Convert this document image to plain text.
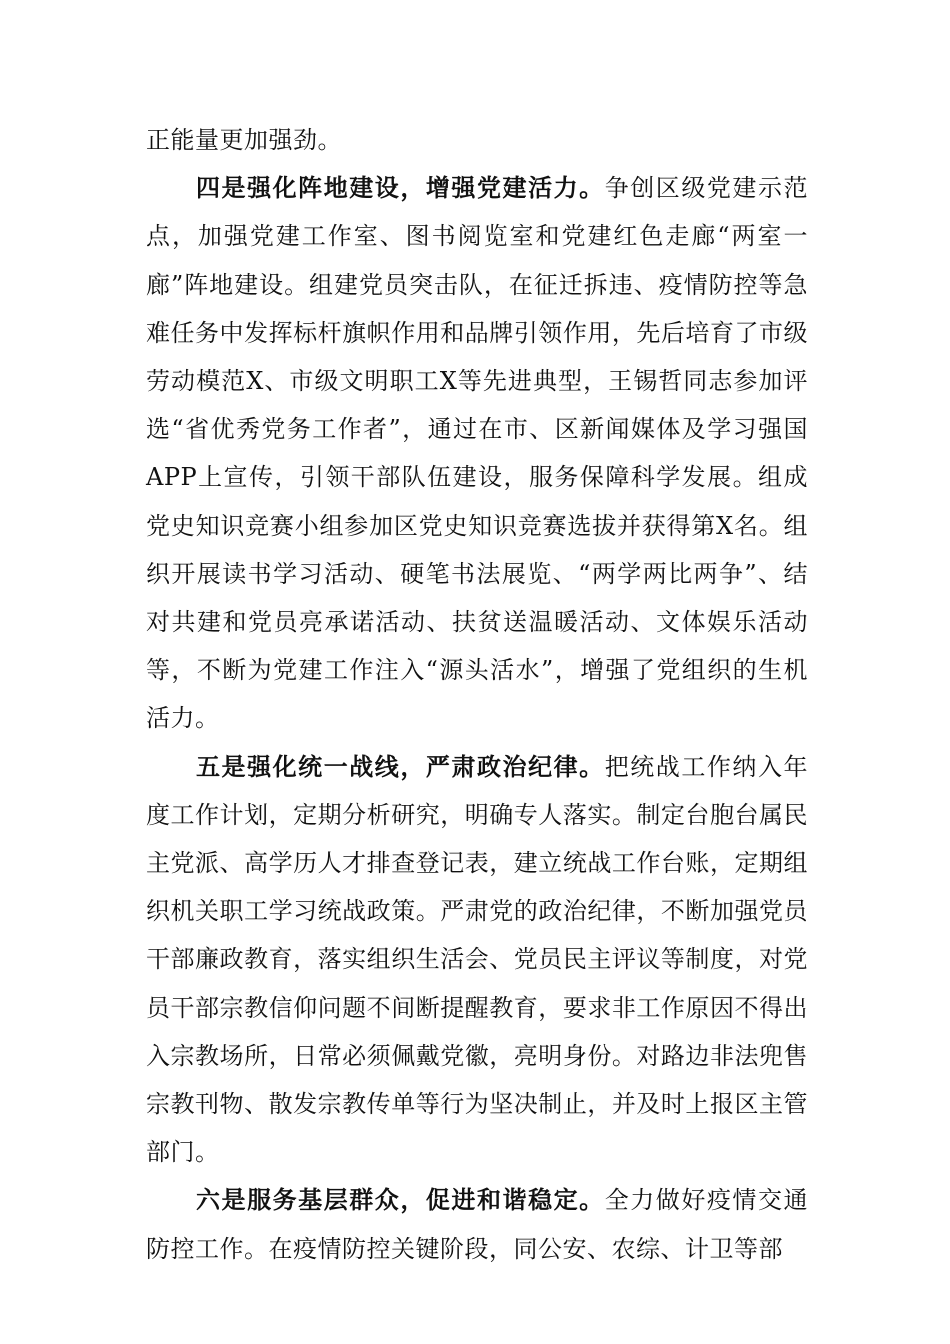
正能量更加强劲。

四是强化阵地建设，增强党建活力。争创区级党建示范点，加强党建工作室、图书阅览室和党建红色走廊“两室一廊”阵地建设。组建党员突击队，在征迁拆违、疫情防控等急难任务中发挥标杆旗帜作用和品牌引领作用，先后培育了市级劳动模范X、市级文明职工X等先进典型，王锡哲同志参加评选“省优秀党务工作者”，通过在市、区新闻媒体及学习强国APP上宣传，引领干部队伍建设，服务保障科学发展。组成党史知识竞赛小组参加区党史知识竞赛选拔并获得第X名。组织开展读书学习活动、硬笔书法展览、“两学两比两争”、结对共建和党员亮承诺活动、扶贫送温暖活动、文体娱乐活动等，不断为党建工作注入“源头活水”，增强了党组织的生机活力。

五是强化统一战线，严肃政治纪律。把统战工作纳入年度工作计划，定期分析研究，明确专人落实。制定台胞台属民主党派、高学历人才排查登记表，建立统战工作台账，定期组织机关职工学习统战政策。严肃党的政治纪律，不断加强党员干部廉政教育，落实组织生活会、党员民主评议等制度，对党员干部宗教信仰问题不间断提醒教育，要求非工作原因不得出入宗教场所，日常必须佩戴党徽，亮明身份。对路边非法兜售宗教刊物、散发宗教传单等行为坚决制止，并及时上报区主管部门。

六是服务基层群众，促进和谐稳定。全力做好疫情交通防控工作。在疫情防控关键阶段，同公安、农综、计卫等部
